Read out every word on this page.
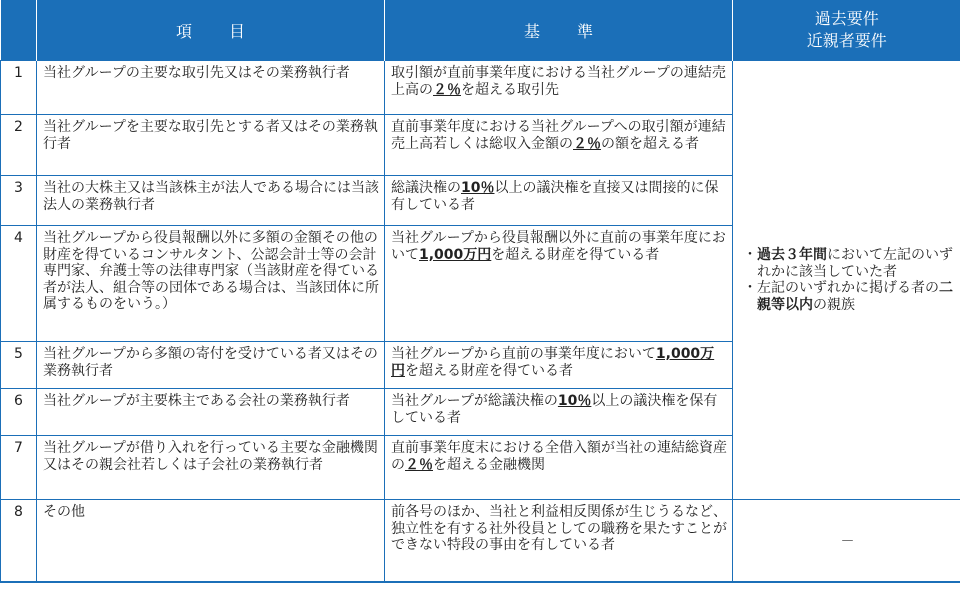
	項 目	基 準	過去要件
近親者要件

1	当社グループの主要な取引先又はその業務執行者	取引額が直前事業年度における当社グループの連結売上高の２％を超える取引先	・過去３年間において左記のいずれかに該当していた者
・左記のいずれかに掲げる者の二親等以内の親族

2	当社グループを主要な取引先とする者又はその業務執行者	直前事業年度における当社グループへの取引額が連結売上高若しくは総収入金額の２％の額を超える者	
3	当社の大株主又は当該株主が法人である場合には当該法人の業務執行者	総議決権の10％以上の議決権を直接又は間接的に保有している者	
4	当社グループから役員報酬以外に多額の金額その他の財産を得ているコンサルタント、公認会計士等の会計専門家、弁護士等の法律専門家（当該財産を得ている者が法人、組合等の団体である場合は、当該団体に所属するものをいう。）	当社グループから役員報酬以外に直前の事業年度において1,000万円を超える財産を得ている者	
5	当社グループから多額の寄付を受けている者又はその業務執行者	当社グループから直前の事業年度において1,000万円を超える財産を得ている者	
6	当社グループが主要株主である会社の業務執行者	当社グループが総議決権の10％以上の議決権を保有している者	
7	当社グループが借り入れを行っている主要な金融機関又はその親会社若しくは子会社の業務執行者	直前事業年度末における全借入額が当社の連結総資産の２％を超える金融機関	
8	その他	前各号のほか、当社と利益相反関係が生じうるなど、独立性を有する社外役員としての職務を果たすことができない特段の事由を有している者	－
